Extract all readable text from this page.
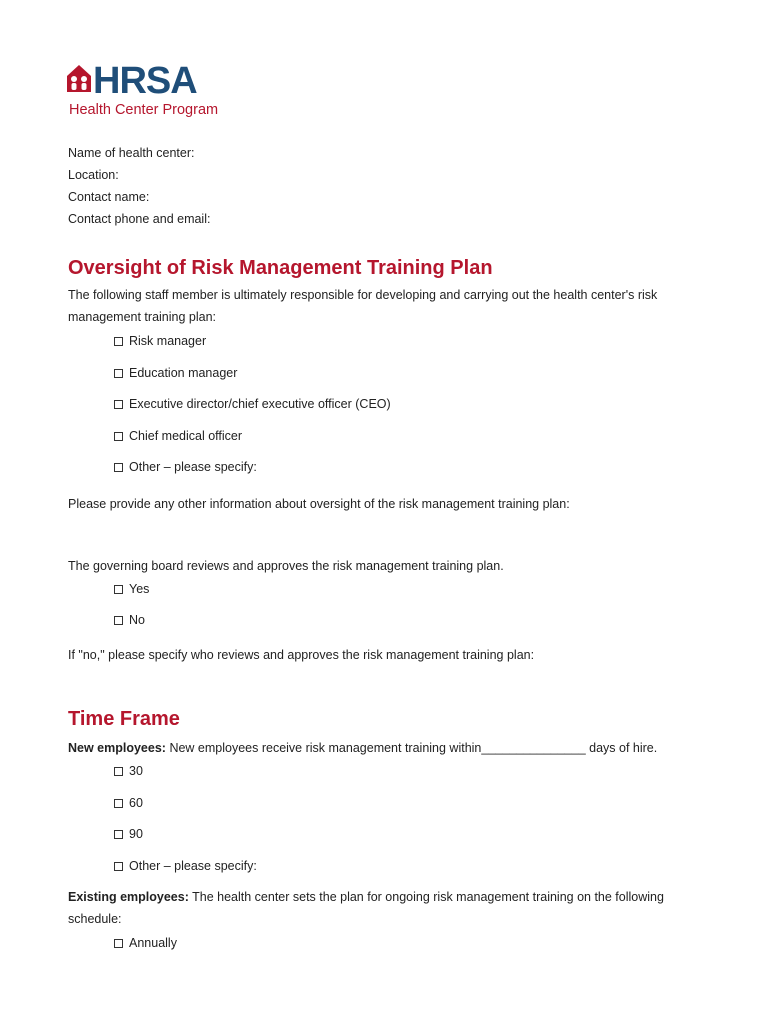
HRSA
Health Center Program
Name of health center:
Location:
Contact name:
Contact phone and email:
Oversight of Risk Management Training Plan
The following staff member is ultimately responsible for developing and carrying out the health center's risk management training plan:
Risk manager
Education manager
Executive director/chief executive officer (CEO)
Chief medical officer
Other – please specify:
Please provide any other information about oversight of the risk management training plan:
The governing board reviews and approves the risk management training plan.
Yes
No
If "no," please specify who reviews and approves the risk management training plan:
Time Frame
New employees: New employees receive risk management training within_______________ days of hire.
30
60
90
Other – please specify:
Existing employees: The health center sets the plan for ongoing risk management training on the following schedule:
Annually
